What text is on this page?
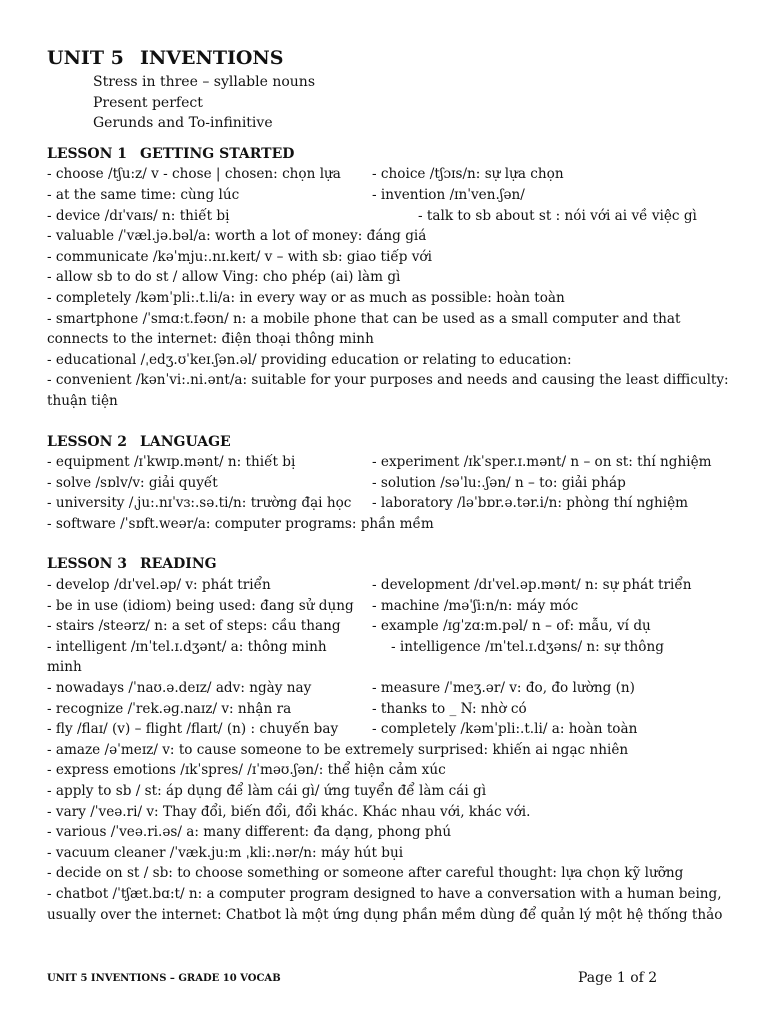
UNIT 5 INVENTIONS
Stress in three – syllable nouns
Present perfect
Gerunds and To-infinitive
LESSON 1 GETTING STARTED
- choose /tʃu:z/ v - chose | chosen: chọn lựa - choice /tʃɔɪs/n: sự lựa chọn
- at the same time: cùng lúc	- invention /ɪnˈven.ʃən/
- device /dɪˈvaɪs/ n: thiết bị	- talk to sb about st : nói với ai về việc gì
- valuable /ˈvæl.jə.bəl/a: worth a lot of money: đáng giá
- communicate /kəˈmju:.nɪ.keɪt/ v – with sb: giao tiếp với
- allow sb to do st / allow Ving: cho phép (ai) làm gì
- completely /kəmˈpli:.t.li/a: in every way or as much as possible: hoàn toàn
- smartphone /ˈsmɑ:t.fəʊn/ n: a mobile phone that can be used as a small computer and that connects to the internet: điện thoại thông minh
- educational /ˌedʒ.ʊˈkeɪ.ʃən.əl/ providing education or relating to education:
- convenient /kənˈvi:.ni.ənt/a: suitable for your purposes and needs and causing the least difficulty: thuận tiện
LESSON 2 LANGUAGE
- equipment /ɪˈkwɪp.mənt/ n: thiết bị	- experiment /ɪkˈsper.ɪ.mənt/ n – on st: thí nghiệm
- solve /sɒlv/v: giải quyết	- solution /səˈlu:.ʃən/ n – to: giải pháp
- university /ˌju:.nɪˈvɜ:.sə.ti/n: trường đại học - laboratory /ləˈbɒr.ə.tər.i/n: phòng thí nghiệm
- software /ˈsɒft.weər/a: computer programs: phần mềm
LESSON 3 READING
- develop /dɪˈvel.əp/ v: phát triển	- development /dɪˈvel.əp.mənt/ n: sự phát triển
- be in use (idiom) being used: đang sử dụng - machine /məˈʃi:n/n: máy móc
- stairs /steərz/ n: a set of steps: cầu thang - example /ɪɡˈzɑ:m.pəl/ n – of: mẫu, ví dụ
- intelligent /ɪnˈtel.ɪ.dʒənt/ a: thông minh	- intelligence /ɪnˈtel.ɪ.dʒəns/ n: sự thông
minh
- nowadays /ˈnaʊ.ə.deɪz/ adv: ngày nay	- measure /ˈmeʒ.ər/ v: đo, đo lường (n)
- recognize /ˈrek.əɡ.naɪz/ v: nhận ra	- thanks to _ N: nhờ có
- fly /flaɪ/ (v) – flight /flaɪt/ (n) : chuyến bay - completely /kəmˈpli:.t.li/ a: hoàn toàn
- amaze /əˈmeɪz/ v: to cause someone to be extremely surprised: khiến ai ngạc nhiên
- express emotions /ɪkˈspres/ /ɪˈməʊ.ʃən/: thể hiện cảm xúc
- apply to sb / st: áp dụng để làm cái gì/ ứng tuyển để làm cái gì
- vary /ˈveə.ri/ v: Thay đổi, biến đổi, đổi khác. Khác nhau với, khác với.
- various /ˈveə.ri.əs/ a: many different: đa dạng, phong phú
- vacuum cleaner /ˈvæk.ju:m ˌkli:.nər/n: máy hút bụi
- decide on st / sb: to choose something or someone after careful thought: lựa chọn kỹ lưỡng
- chatbot /ˈtʃæt.bɑ:t/ n: a computer program designed to have a conversation with a human being, usually over the internet: Chatbot là một ứng dụng phần mềm dùng để quản lý một hệ thống thảo
UNIT 5 INVENTIONS – GRADE 10 VOCAB	Page 1 of 2
